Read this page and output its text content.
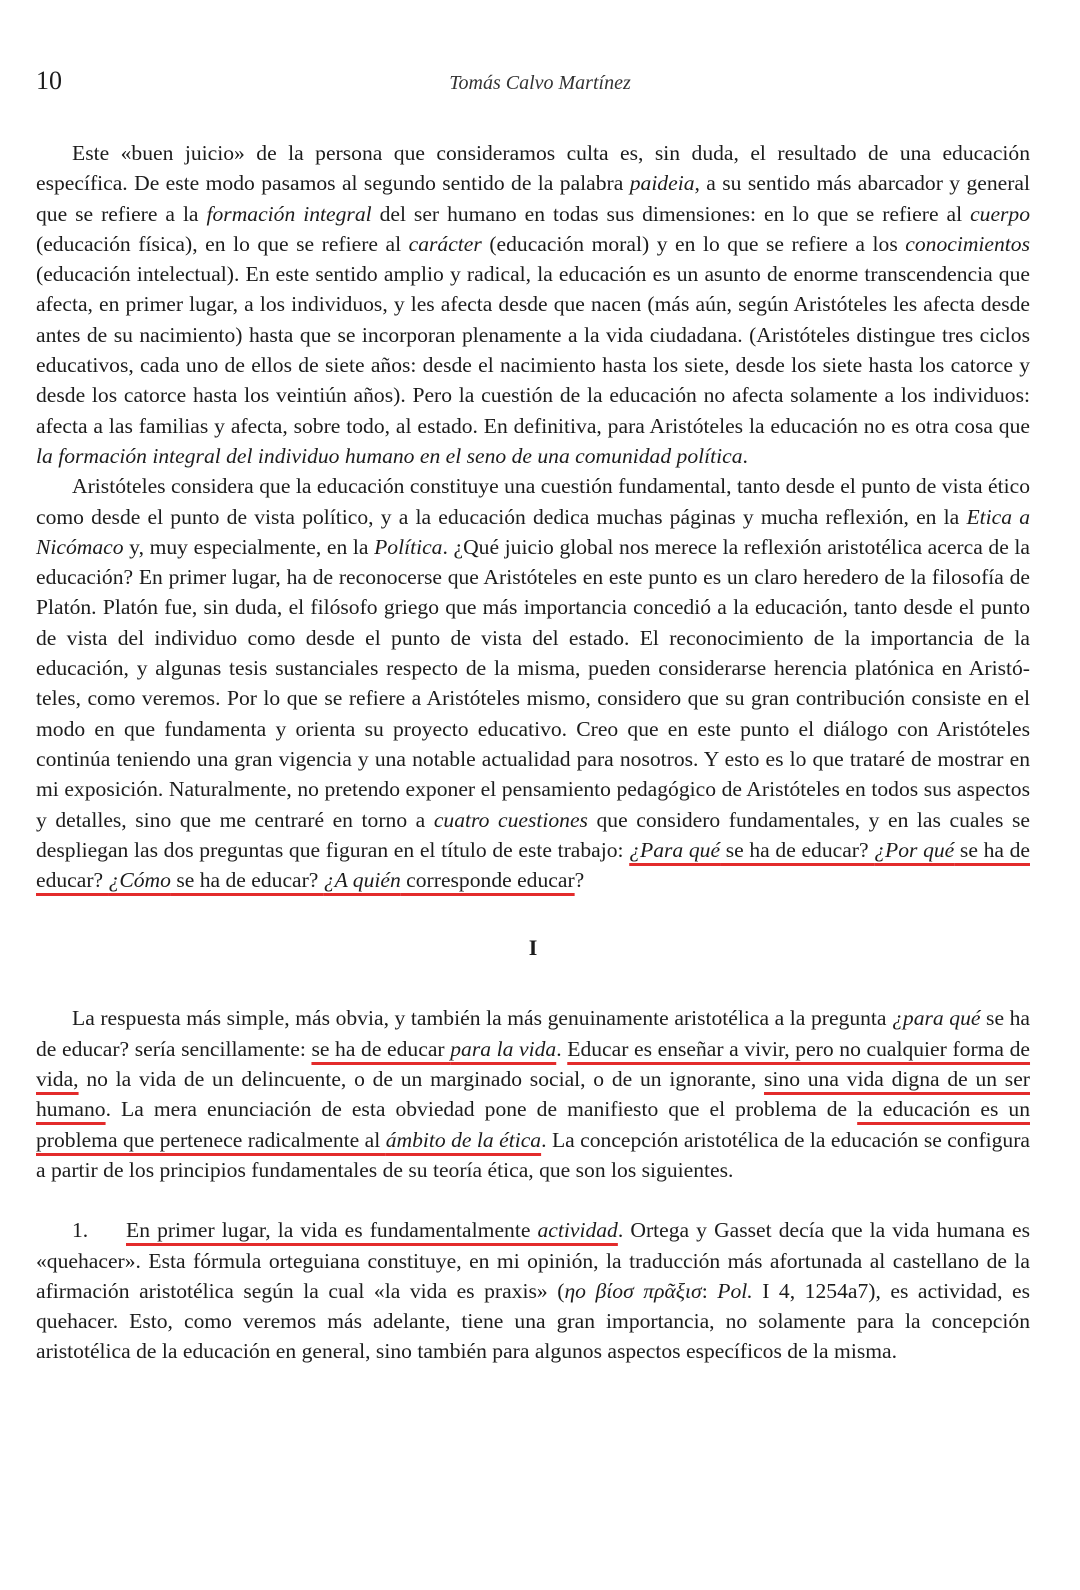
10	Tomás Calvo Martínez

Este «buen juicio» de la persona que consideramos culta es, sin duda, el resultado de una educación específica. De este modo pasamos al segundo sentido de la palabra paideia, a su sentido más abarcador y general que se refiere a la formación integral del ser humano en todas sus dimensiones: en lo que se refiere al cuerpo (educación física), en lo que se refiere al carácter (educación moral) y en lo que se refiere a los conocimientos (educación intelectual). En este sentido amplio y radical, la educación es un asunto de enorme transcendencia que afecta, en primer lugar, a los individuos, y les afecta desde que nacen (más aún, según Aristóteles les afecta desde antes de su nacimiento) hasta que se incorporan plenamente a la vida ciudadana. (Aristóteles distingue tres ciclos educativos, cada uno de ellos de siete años: desde el nacimiento hasta los siete, desde los siete hasta los catorce y desde los catorce hasta los veintiún años). Pero la cuestión de la educación no afecta solamente a los individuos: afecta a las familias y afecta, sobre todo, al estado. En definitiva, para Aristóteles la educación no es otra cosa que la formación integral del individuo humano en el seno de una comunidad política.

Aristóteles considera que la educación constituye una cuestión fundamental, tanto desde el punto de vista ético como desde el punto de vista político, y a la educación dedica muchas páginas y mucha reflexión, en la Etica a Nicómaco y, muy especialmente, en la Política. ¿Qué juicio global nos merece la reflexión aristotélica acerca de la educación? En primer lugar, ha de reconocerse que Aristóteles en este punto es un claro heredero de la filosofía de Platón. Platón fue, sin duda, el filósofo griego que más importancia concedió a la educación, tanto desde el punto de vista del individuo como desde el punto de vista del estado. El reconocimiento de la importancia de la educación, y algunas tesis sustanciales respecto de la misma, pueden considerarse herencia platónica en Aristóteles, como veremos. Por lo que se refiere a Aristóteles mismo, considero que su gran contribución consiste en el modo en que fundamenta y orienta su proyecto educativo. Creo que en este punto el diálogo con Aristóteles continúa teniendo una gran vigencia y una notable actualidad para nosotros. Y esto es lo que trataré de mostrar en mi exposición. Naturalmente, no pretendo exponer el pensamiento pedagógico de Aristóteles en todos sus aspectos y detalles, sino que me centraré en torno a cuatro cuestiones que considero fundamentales, y en las cuales se despliegan las dos preguntas que figuran en el título de este trabajo: ¿Para qué se ha de educar? ¿Por qué se ha de educar? ¿Cómo se ha de educar? ¿A quién corresponde educar?

I

La respuesta más simple, más obvia, y también la más genuinamente aristotélica a la pregunta ¿para qué se ha de educar? sería sencillamente: se ha de educar para la vida. Educar es enseñar a vivir, pero no cualquier forma de vida, no la vida de un delincuente, o de un marginado social, o de un ignorante, sino una vida digna de un ser humano. La mera enunciación de esta obviedad pone de manifiesto que el problema de la educación es un problema que pertenece radicalmente al ámbito de la ética. La concepción aristotélica de la educación se configura a partir de los principios fundamentales de su teoría ética, que son los siguientes.

1. En primer lugar, la vida es fundamentalmente actividad. Ortega y Gasset decía que la vida humana es «quehacer». Esta fórmula orteguiana constituye, en mi opinión, la traducción más afortunada al castellano de la afirmación aristotélica según la cual «la vida es praxis» (ηο βίοσ πρᾶξισ: Pol. I 4, 1254a7), es actividad, es quehacer. Esto, como veremos más adelante, tiene una gran importancia, no solamente para la concepción aristotélica de la educación en general, sino también para algunos aspectos específicos de la misma.
